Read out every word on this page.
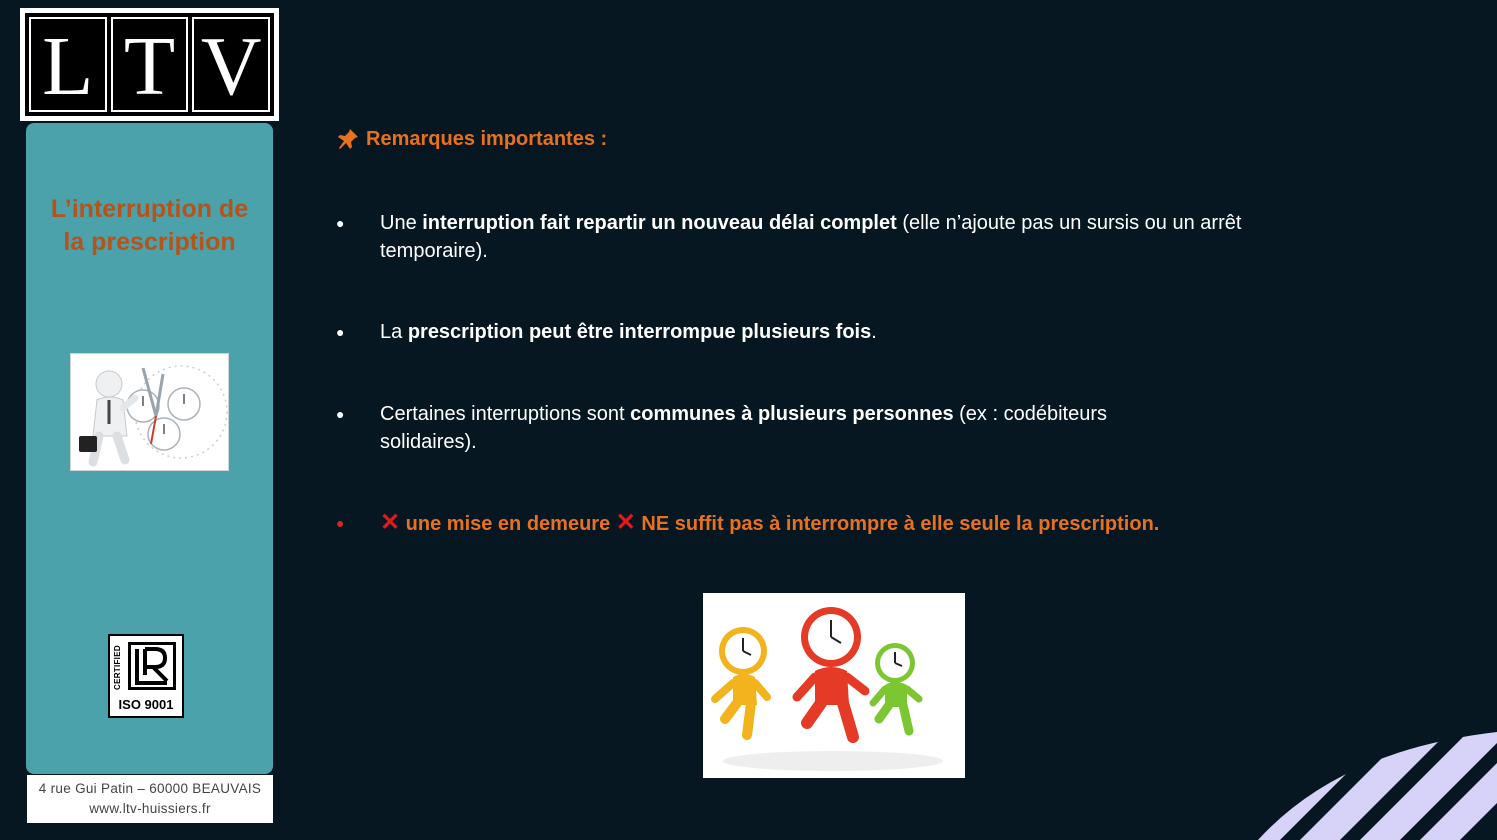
L T V
L’interruption de
la prescription
CERTIFIED
ISO 9001
4 rue Gui Patin – 60000 BEAUVAIS
www.ltv-huissiers.fr
Remarques importantes :
●	Une interruption fait repartir un nouveau délai complet (elle n’ajoute pas un sursis ou un arrêt temporaire).
●	La prescription peut être interrompue plusieurs fois.
●	Certaines interruptions sont communes à plusieurs personnes (ex : codébiteurs solidaires).
●	✕ une mise en demeure ✕ NE suffit pas à interrompre à elle seule la prescription.
